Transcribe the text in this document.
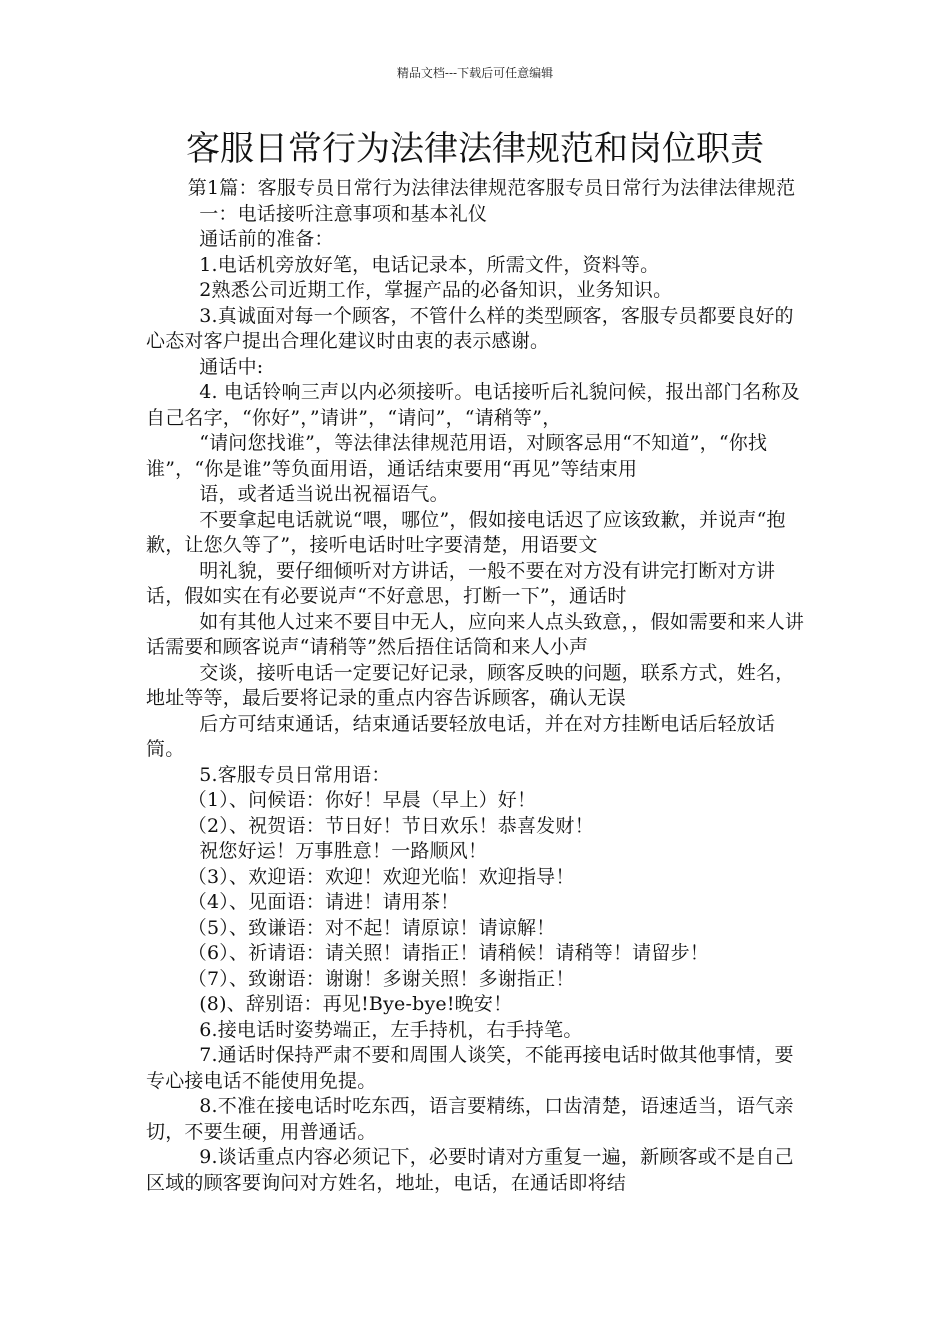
精品文档---下载后可任意编辑
客服日常行为法律法律规范和岗位职责

第1篇：客服专员日常行为法律法律规范客服专员日常行为法律法律规范

一：电话接听注意事项和基本礼仪

通话前的准备：

1.电话机旁放好笔，电话记录本，所需文件，资料等。

2熟悉公司近期工作，掌握产品的必备知识，业务知识。

3.真诚面对每一个顾客，不管什么样的类型顾客，客服专员都要良好的心态对客户提出合理化建议时由衷的表示感谢。

通话中:

4. 电话铃响三声以内必须接听。电话接听后礼貌问候，报出部门名称及自己名字，“你好”，”请讲”，“请问”，“请稍等”，

“请问您找谁”，等法律法律规范用语，对顾客忌用“不知道”，“你找谁”，“你是谁”等负面用语，通话结束要用“再见”等结束用

语，或者适当说出祝福语气。

不要拿起电话就说“喂，哪位”，假如接电话迟了应该致歉，并说声“抱歉，让您久等了”，接听电话时吐字要清楚，用语要文

明礼貌，要仔细倾听对方讲话，一般不要在对方没有讲完打断对方讲话，假如实在有必要说声“不好意思，打断一下”，通话时

如有其他人过来不要目中无人，应向来人点头致意，，假如需要和来人讲话需要和顾客说声“请稍等”然后捂住话筒和来人小声

交谈，接听电话一定要记好记录，顾客反映的问题，联系方式，姓名，地址等等，最后要将记录的重点内容告诉顾客，确认无误

后方可结束通话，结束通话要轻放电话，并在对方挂断电话后轻放话筒。

5.客服专员日常用语：

（1）、问候语：你好！早晨（早上）好！

（2）、祝贺语：节日好！节日欢乐！恭喜发财！

祝您好运！万事胜意！一路顺风！

（3）、欢迎语：欢迎！欢迎光临！欢迎指导！

（4）、见面语：请进！请用茶！

（5）、致谦语：对不起！请原谅！请谅解！

（6）、祈请语：请关照！请指正！请稍候！请稍等！请留步！

（7）、致谢语：谢谢！多谢关照！多谢指正！

(8)、辞别语：再见!Bye-bye!晚安！

6.接电话时姿势端正，左手持机，右手持笔。

7.通话时保持严肃不要和周围人谈笑，不能再接电话时做其他事情，要专心接电话不能使用免提。

8.不准在接电话时吃东西，语言要精练，口齿清楚，语速适当，语气亲切，不要生硬，用普通话。

9.谈话重点内容必须记下，必要时请对方重复一遍，新顾客或不是自己区域的顾客要询问对方姓名，地址，电话，在通话即将结
